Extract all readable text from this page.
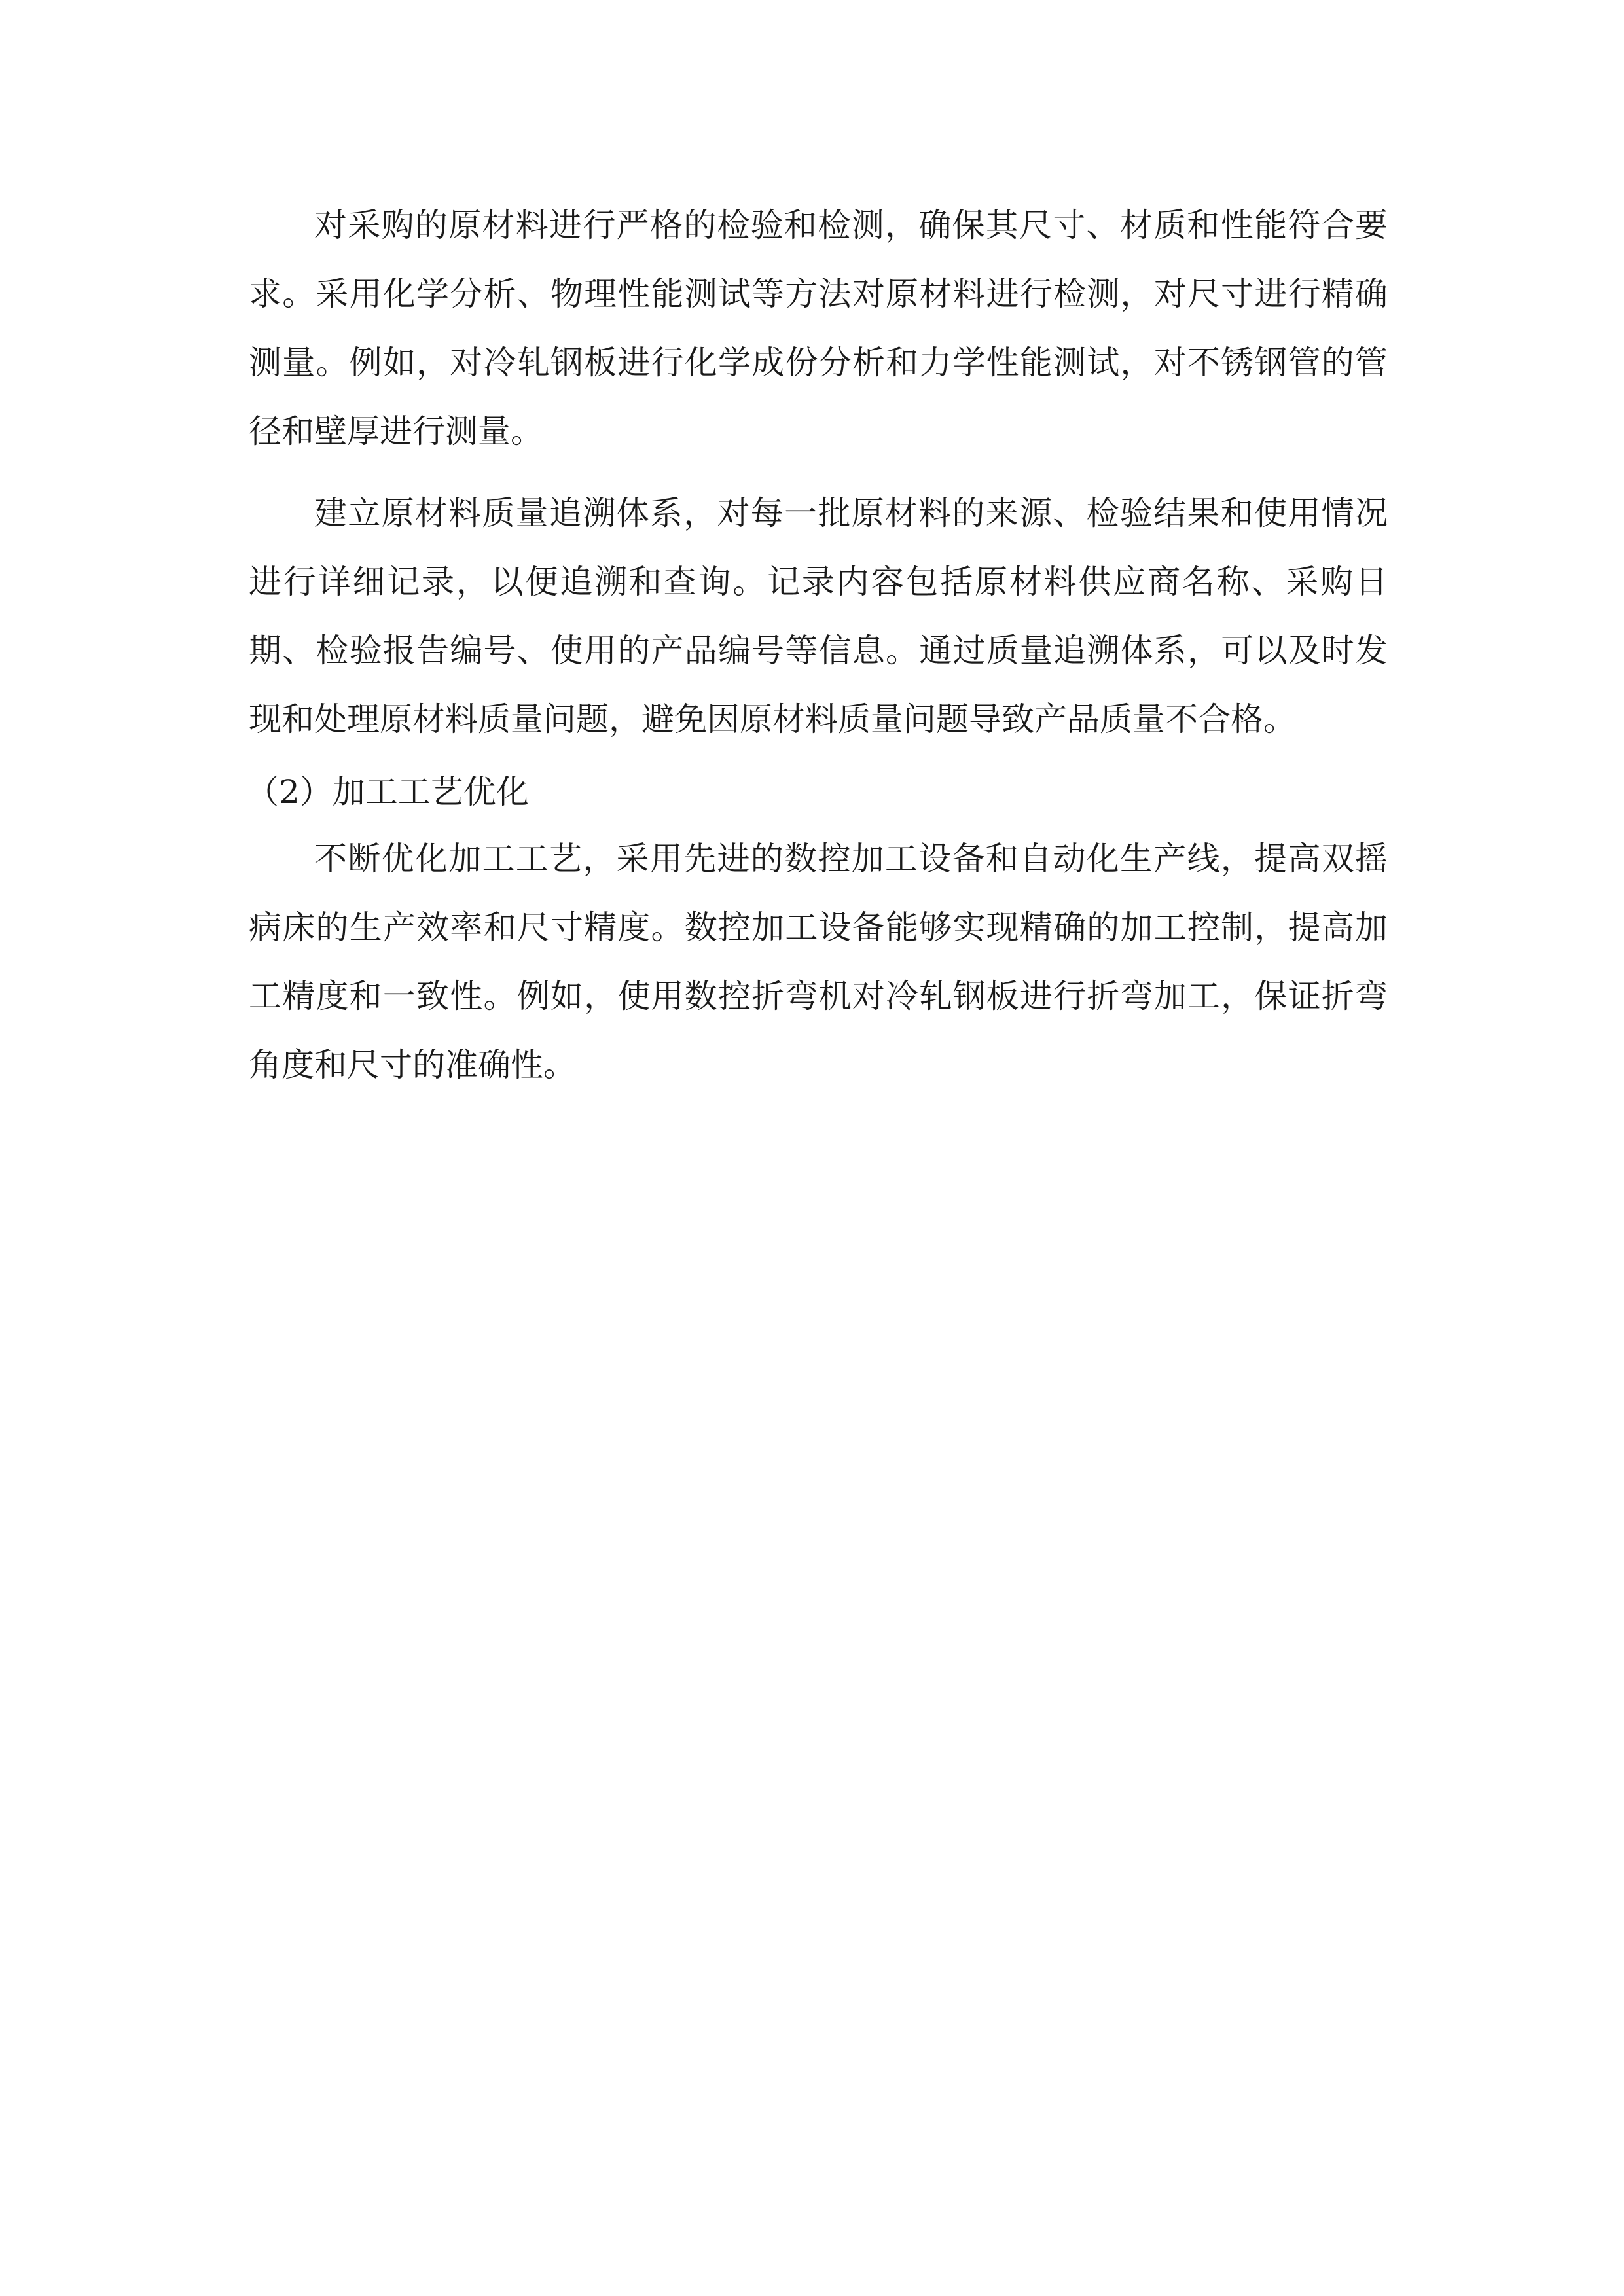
对采购的原材料进行严格的检验和检测，确保其尺寸、材质和性能符合要求。采用化学分析、物理性能测试等方法对原材料进行检测，对尺寸进行精确测量。例如，对冷轧钢板进行化学成份分析和力学性能测试，对不锈钢管的管径和壁厚进行测量。

建立原材料质量追溯体系，对每一批原材料的来源、检验结果和使用情况进行详细记录，以便追溯和查询。记录内容包括原材料供应商名称、采购日期、检验报告编号、使用的产品编号等信息。通过质量追溯体系，可以及时发现和处理原材料质量问题，避免因原材料质量问题导致产品质量不合格。

（2）加工工艺优化

不断优化加工工艺，采用先进的数控加工设备和自动化生产线，提高双摇病床的生产效率和尺寸精度。数控加工设备能够实现精确的加工控制，提高加工精度和一致性。例如，使用数控折弯机对冷轧钢板进行折弯加工，保证折弯角度和尺寸的准确性。
